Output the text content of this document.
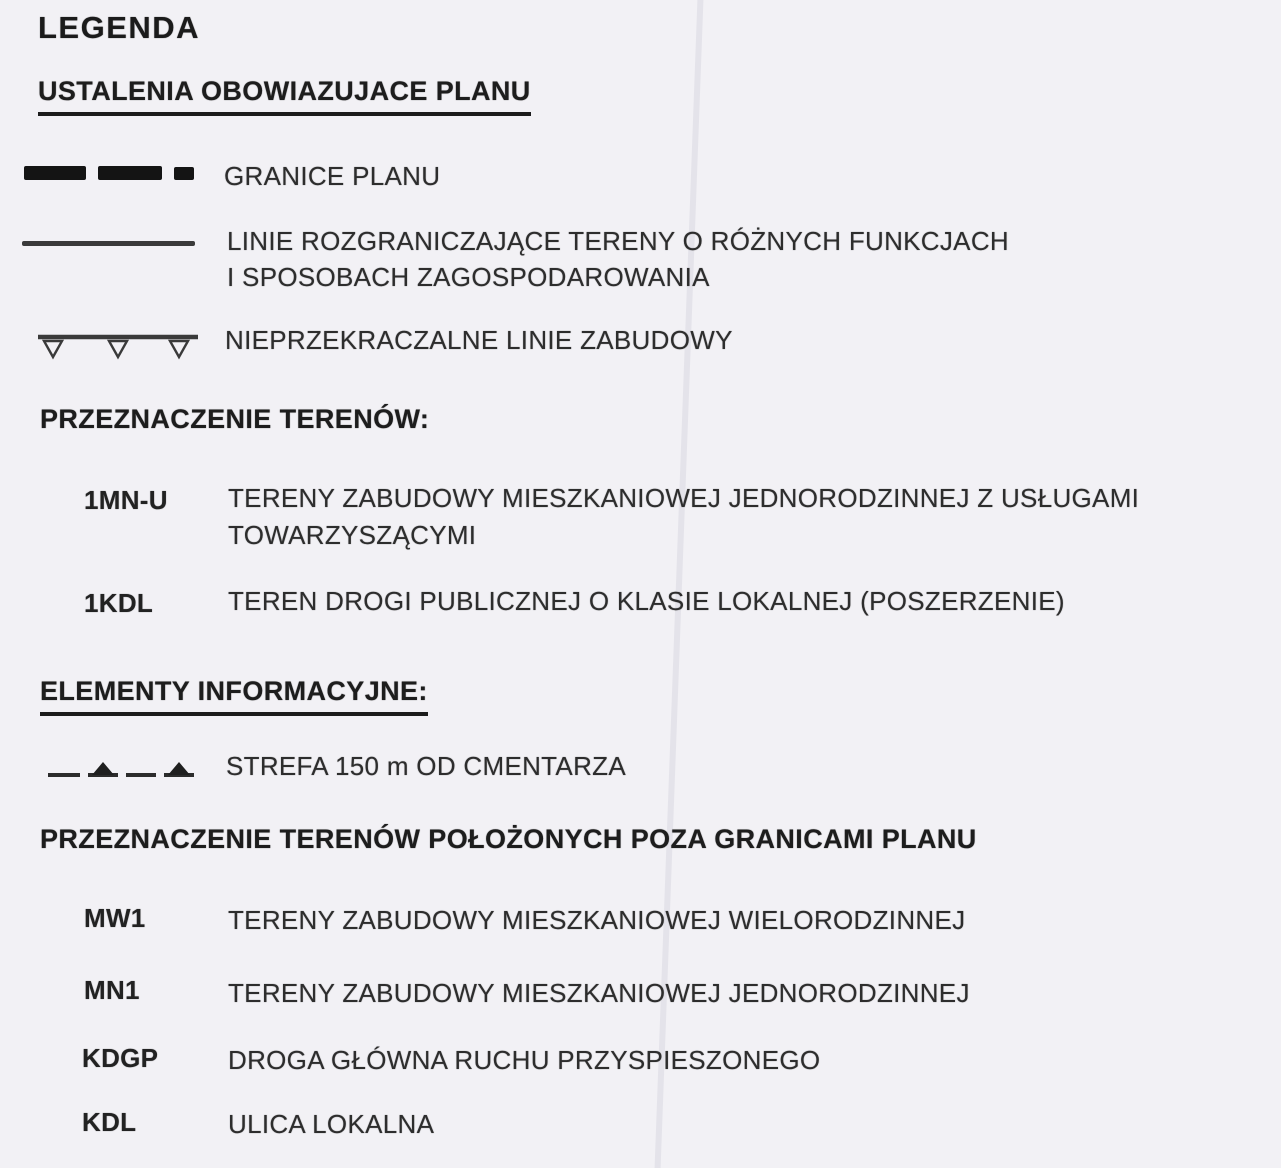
LEGENDA
USTALENIA OBOWIAZUJACE PLANU
GRANICE PLANU
LINIE ROZGRANICZAJĄCE TERENY O RÓŻNYCH FUNKCJACH
I SPOSOBACH ZAGOSPODAROWANIA
NIEPRZEKRACZALNE LINIE ZABUDOWY
PRZEZNACZENIE TERENÓW:
1MN-U TERENY ZABUDOWY MIESZKANIOWEJ JEDNORODZINNEJ Z USŁUGAMI
TOWARZYSZĄCYMI
1KDL	TEREN DROGI PUBLICZNEJ O KLASIE LOKALNEJ (POSZERZENIE)
ELEMENTY INFORMACYJNE:
STREFA 150 m OD CMENTARZA
PRZEZNACZENIE TERENÓW POŁOŻONYCH POZA GRANICAMI PLANU
MW1	TERENY ZABUDOWY MIESZKANIOWEJ WIELORODZINNEJ
MN1	TERENY ZABUDOWY MIESZKANIOWEJ JEDNORODZINNEJ
KDGP	DROGA GŁÓWNA RUCHU PRZYSPIESZONEGO
KDL	ULICA LOKALNA
